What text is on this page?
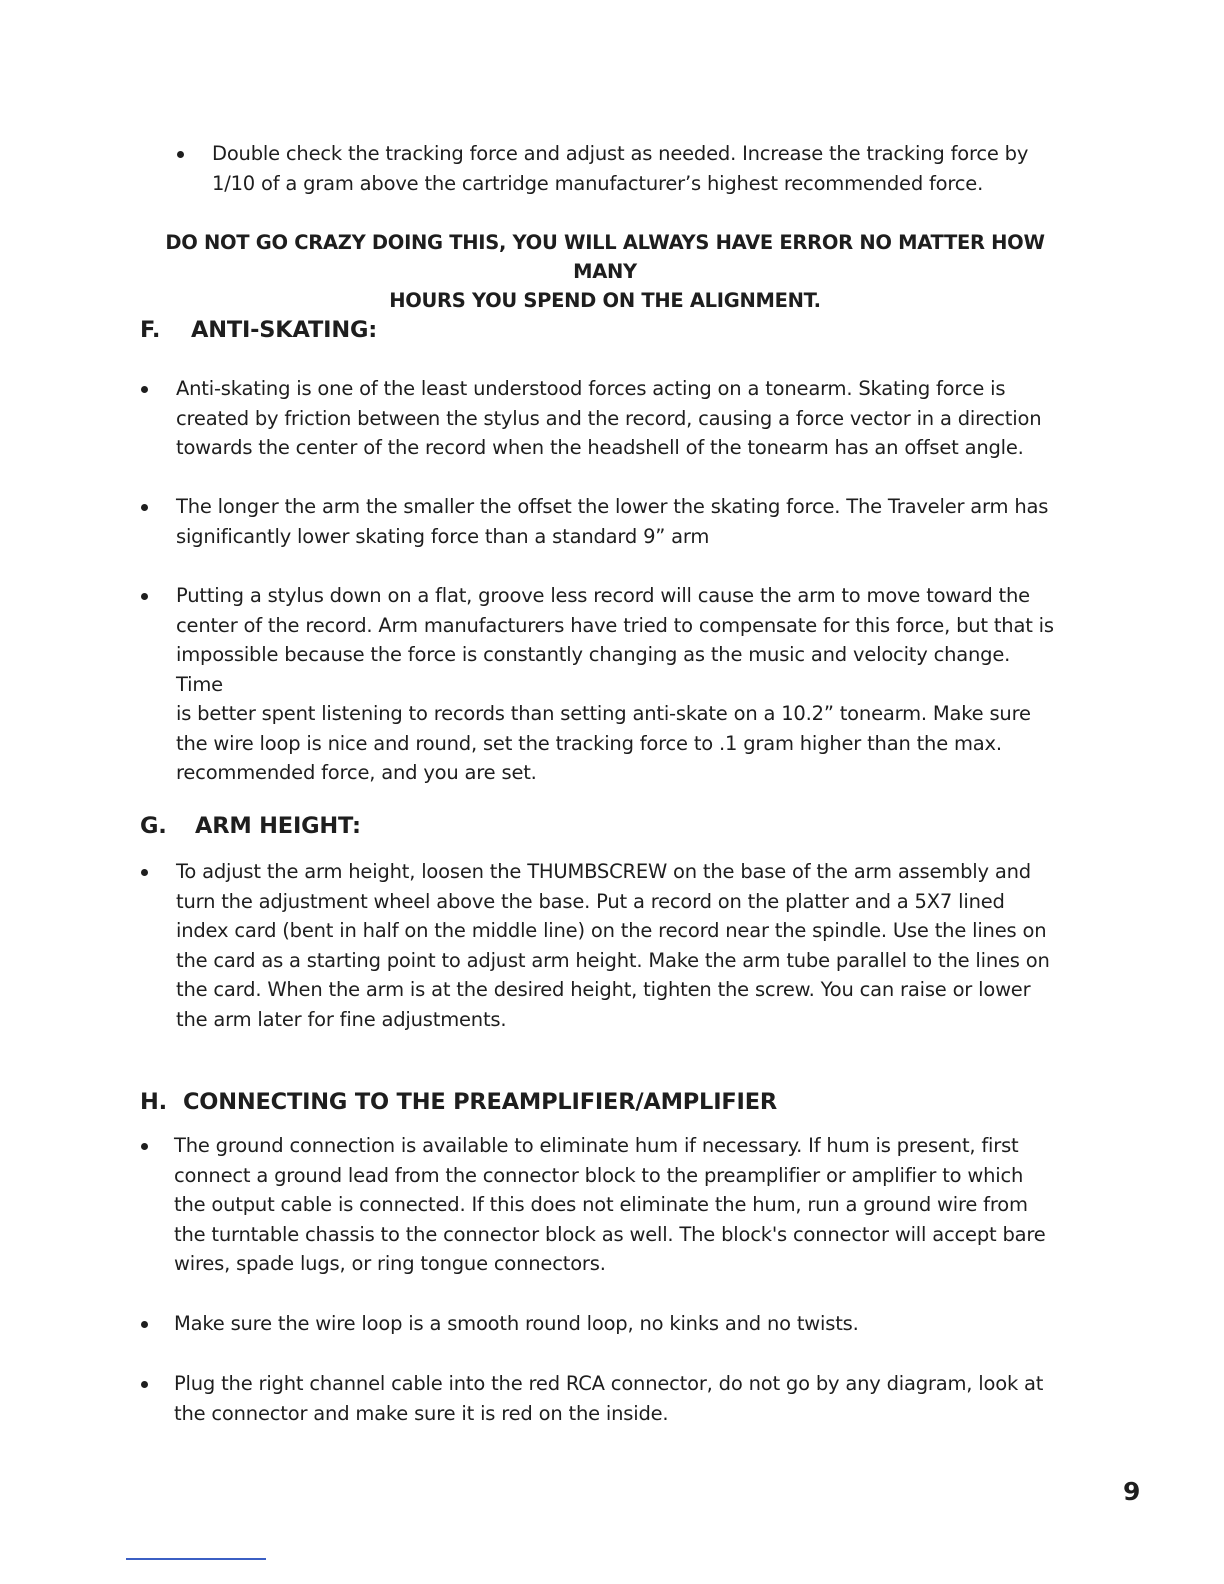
Double check the tracking force and adjust as needed. Increase the tracking force by
1/10 of a gram above the cartridge manufacturer’s highest recommended force.
DO NOT GO CRAZY DOING THIS, YOU WILL ALWAYS HAVE ERROR NO MATTER HOW MANY
HOURS YOU SPEND ON THE ALIGNMENT.
F.	ANTI-SKATING:
Anti-skating is one of the least understood forces acting on a tonearm. Skating force is
created by friction between the stylus and the record, causing a force vector in a direction
towards the center of the record when the headshell of the tonearm has an offset angle.
The longer the arm the smaller the offset the lower the skating force. The Traveler arm has
significantly lower skating force than a standard 9” arm
Putting a stylus down on a flat, groove less record will cause the arm to move toward the
center of the record. Arm manufacturers have tried to compensate for this force, but that is
impossible because the force is constantly changing as the music and velocity change. Time
is better spent listening to records than setting anti-skate on a 10.2” tonearm. Make sure
the wire loop is nice and round, set the tracking force to .1 gram higher than the max.
recommended force, and you are set.
G.	ARM HEIGHT:
To adjust the arm height, loosen the THUMBSCREW on the base of the arm assembly and
turn the adjustment wheel above the base. Put a record on the platter and a 5X7 lined
index card (bent in half on the middle line) on the record near the spindle. Use the lines on
the card as a starting point to adjust arm height. Make the arm tube parallel to the lines on
the card. When the arm is at the desired height, tighten the screw. You can raise or lower
the arm later for fine adjustments.
H. CONNECTING TO THE PREAMPLIFIER/AMPLIFIER
The ground connection is available to eliminate hum if necessary. If hum is present, first
connect a ground lead from the connector block to the preamplifier or amplifier to which
the output cable is connected. If this does not eliminate the hum, run a ground wire from
the turntable chassis to the connector block as well. The block's connector will accept bare
wires, spade lugs, or ring tongue connectors.
Make sure the wire loop is a smooth round loop, no kinks and no twists.
Plug the right channel cable into the red RCA connector, do not go by any diagram, look at
the connector and make sure it is red on the inside.
9
